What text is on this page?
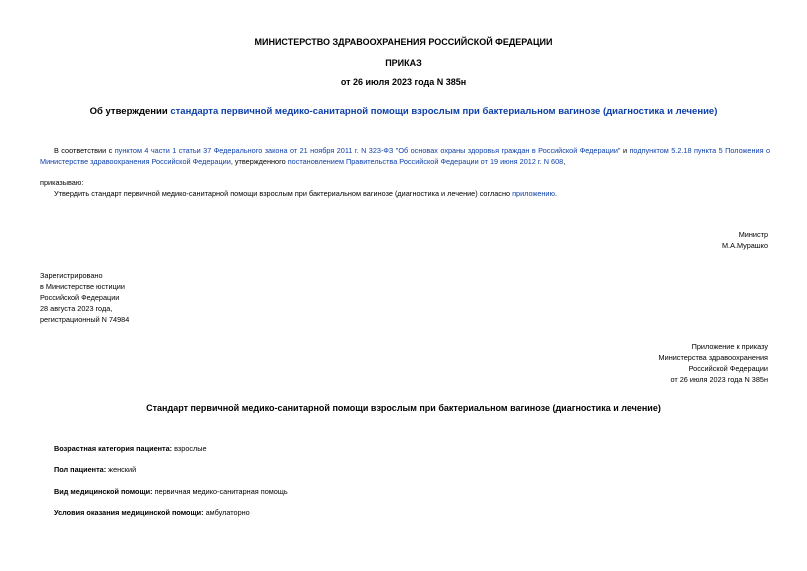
МИНИСТЕРСТВО ЗДРАВООХРАНЕНИЯ РОССИЙСКОЙ ФЕДЕРАЦИИ
ПРИКАЗ
от 26 июля 2023 года N 385н
Об утверждении стандарта первичной медико-санитарной помощи взрослым при бактериальном вагинозе (диагностика и лечение)
В соответствии с пунктом 4 части 1 статьи 37 Федерального закона от 21 ноября 2011 г. N 323-ФЗ "Об основах охраны здоровья граждан в Российской Федерации" и подпунктом 5.2.18 пункта 5 Положения о Министерстве здравоохранения Российской Федерации, утвержденного постановлением Правительства Российской Федерации от 19 июня 2012 г. N 608,
приказываю:
Утвердить стандарт первичной медико-санитарной помощи взрослым при бактериальном вагинозе (диагностика и лечение) согласно приложению.
Министр
М.А.Мурашко
Зарегистрировано
в Министерстве юстиции
Российской Федерации
28 августа 2023 года,
регистрационный N 74984
Приложение к приказу
Министерства здравоохранения
Российской Федерации
от 26 июля 2023 года N 385н
Стандарт первичной медико-санитарной помощи взрослым при бактериальном вагинозе (диагностика и лечение)
Возрастная категория пациента: взрослые
Пол пациента: женский
Вид медицинской помощи: первичная медико-санитарная помощь
Условия оказания медицинской помощи: амбулаторно
